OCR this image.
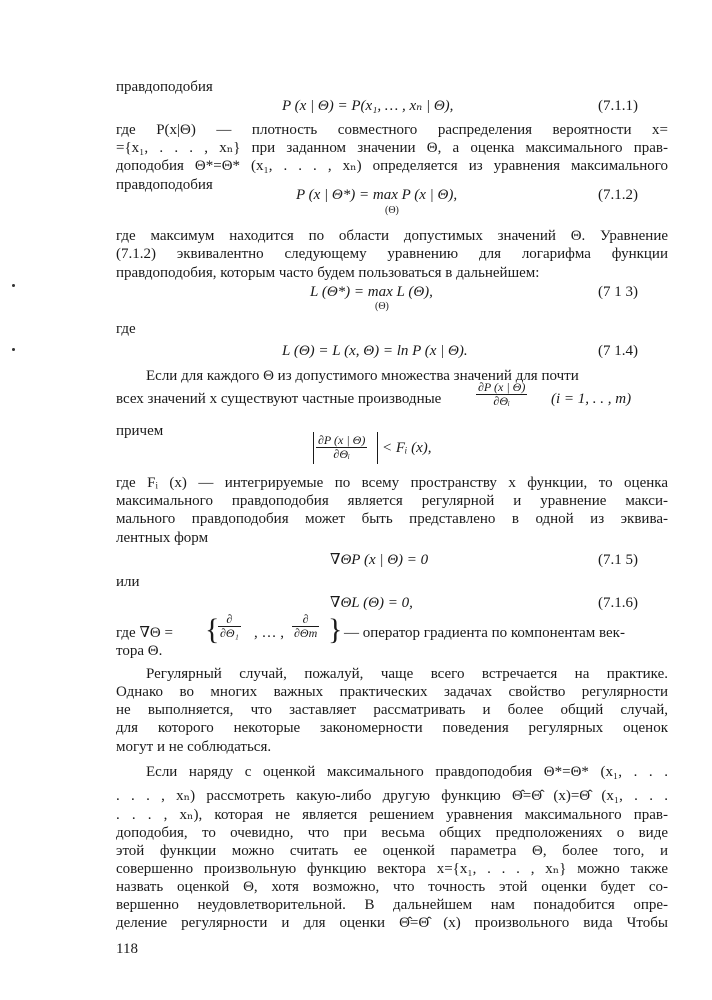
правдоподобия
P (x | Θ) = P(x₁, … , xₙ | Θ),	(7.1.1)
где P(x|Θ) — плотность совместного распределения вероятности x=
={x₁, . . . , xₙ} при заданном значении Θ, а оценка максимального прав-
доподобия Θ*=Θ* (x₁, . . . , xₙ) определяется из уравнения максимального
правдоподобия
P (x | Θ*) = max P (x | Θ),
(Θ)
(7.1.2)
где максимум находится по области допустимых значений Θ. Уравнение
(7.1.2) эквивалентно следующему уравнению для логарифма функции
правдоподобия, которым часто будем пользоваться в дальнейшем:
L (Θ*) = max L (Θ),
(Θ)
(7 1 3)
где
L (Θ) = L (x, Θ) = ln P (x | Θ).	(7 1.4)
Если для каждого Θ из допустимого множества значений для почти
всех значений x существуют частные производные	$\frac{\partial P (x | \Theta)}{\text{∂Θᵢ}} (i = 1$, . . , m)
причем
$\frac{\partial P (x | \Theta)}{\text{∂Θᵢ}}$ < Fᵢ (x),
где Fᵢ (x) — интегрируемые по всему пространству x функции, то оценка
максимального правдоподобия является регулярной и уравнение макси-
мального правдоподобия может быть представлено в одной из эквива-
лентных форм
∇ΘP (x | Θ) = 0	(7.1 5)
или
∇ΘL (Θ) = 0,	(7.1.6)
где ∇Θ = { ∂
∂Θ₁ , … ,
∂
∂Θm } — оператор градиента по компонентам век-
тора Θ.
Регулярный случай, пожалуй, чаще всего встречается на практике.
Однако во многих важных практических задачах свойство регулярности
не выполняется, что заставляет рассматривать и более общий случай,
для которого некоторые закономерности поведения регулярных оценок
могут и не соблюдаться.
Если наряду с оценкой максимального правдоподобия Θ*=Θ* (x₁, . . .
. . . , xₙ) рассмотреть какую-либо другую функцию Θ̂=Θ̂ (x)=Θ̂ (x₁, . . .
. . . , xₙ), которая не является решением уравнения максимального прав-
доподобия, то очевидно, что при весьма общих предположениях о виде
этой функции можно считать ее оценкой параметра Θ, более того, и
совершенно произвольную функцию вектора x={x₁, . . . , xₙ} можно также
назвать оценкой Θ, хотя возможно, что точность этой оценки будет со-
вершенно неудовлетворительной. В дальнейшем нам понадобится опре-
деление регулярности и для оценки Θ̂=Θ̂ (x) произвольного вида Чтобы
118
